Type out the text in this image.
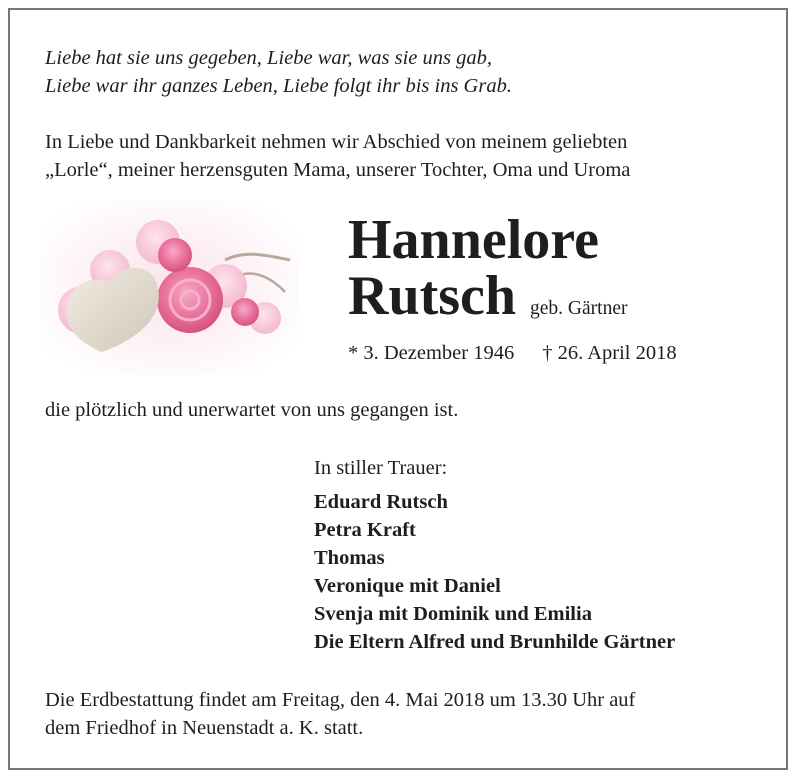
Liebe hat sie uns gegeben, Liebe war, was sie uns gab,
Liebe war ihr ganzes Leben, Liebe folgt ihr bis ins Grab.
In Liebe und Dankbarkeit nehmen wir Abschied von meinem geliebten
„Lorle“, meiner herzensguten Mama, unserer Tochter, Oma und Uroma
Hannelore
Rutsch geb. Gärtner
* 3. Dezember 1946 † 26. April 2018
die plötzlich und unerwartet von uns gegangen ist.
In stiller Trauer:
Eduard Rutsch
Petra Kraft
Thomas
Veronique mit Daniel
Svenja mit Dominik und Emilia
Die Eltern Alfred und Brunhilde Gärtner
Die Erdbestattung findet am Freitag, den 4. Mai 2018 um 13.30 Uhr auf
dem Friedhof in Neuenstadt a. K. statt.
